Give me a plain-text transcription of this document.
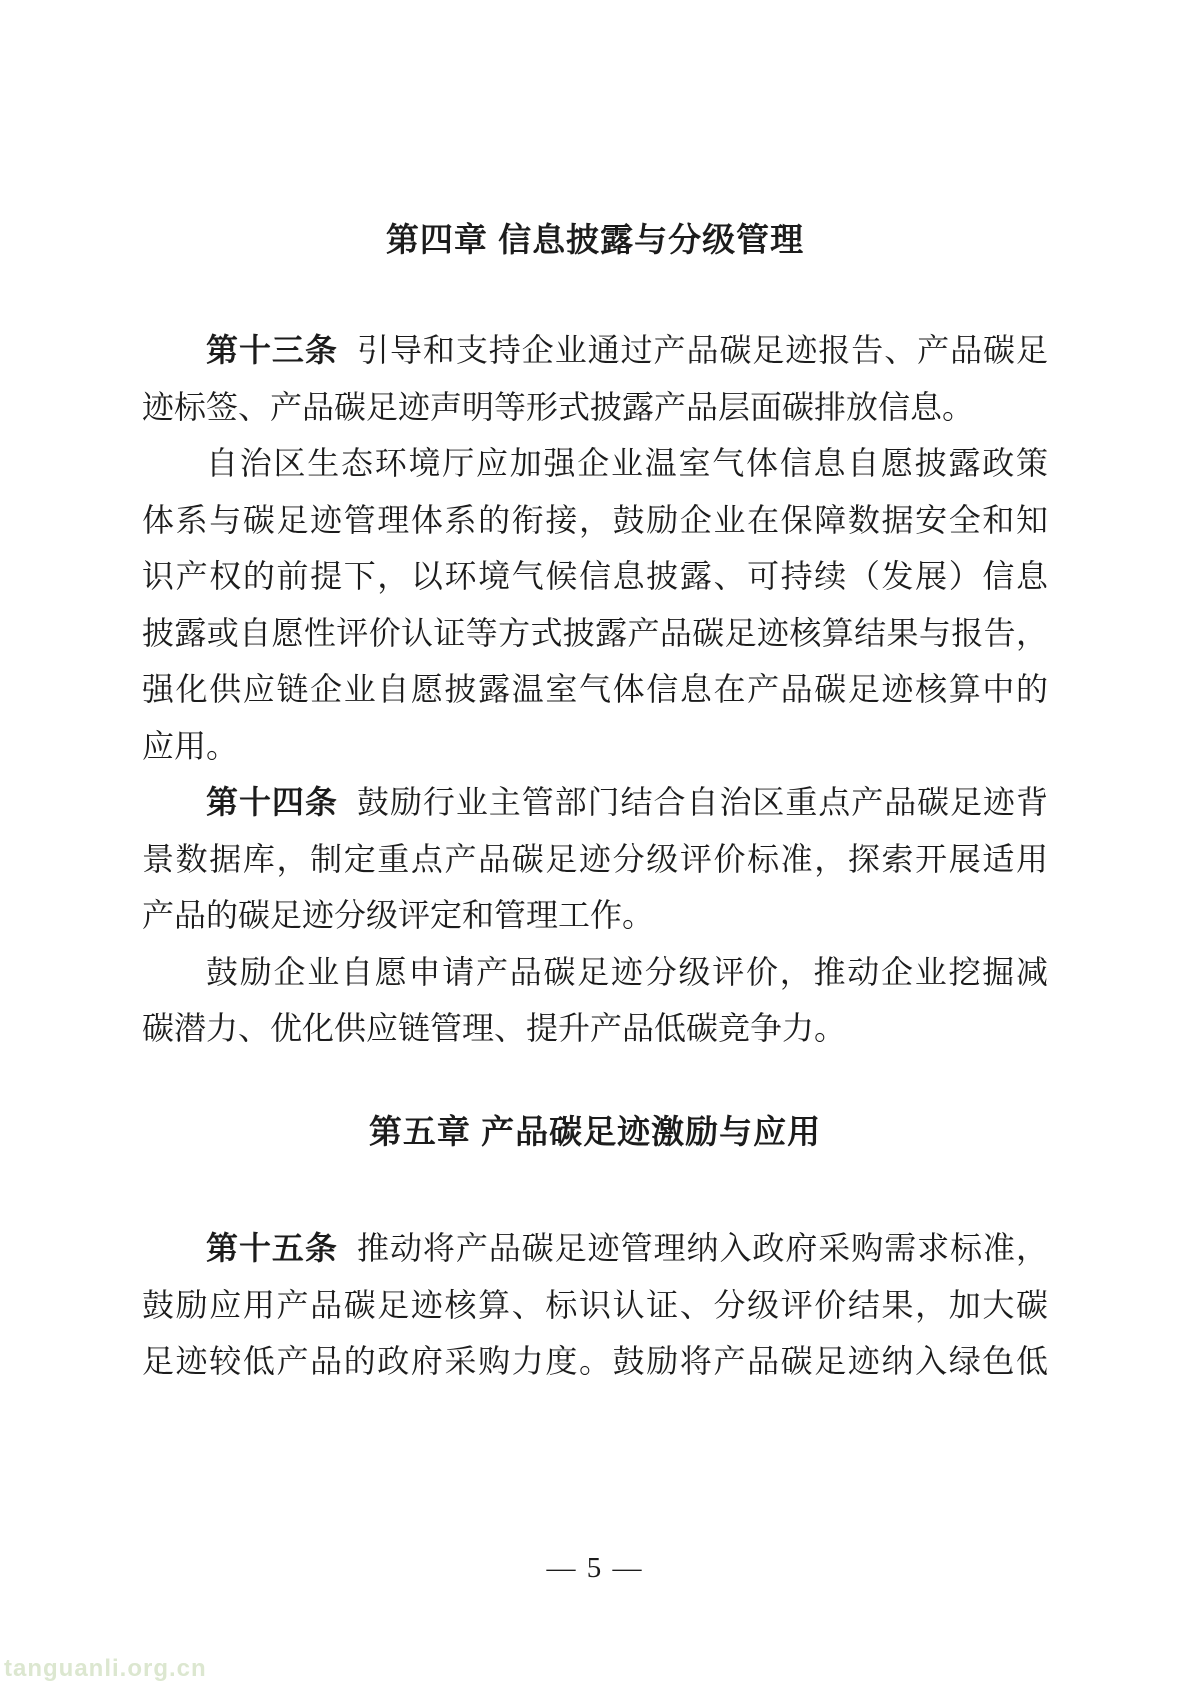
第四章 信息披露与分级管理
第十三条 引导和支持企业通过产品碳足迹报告、产品碳足
迹标签、产品碳足迹声明等形式披露产品层面碳排放信息。
自治区生态环境厅应加强企业温室气体信息自愿披露政策
体系与碳足迹管理体系的衔接，鼓励企业在保障数据安全和知
识产权的前提下，以环境气候信息披露、可持续（发展）信息
披露或自愿性评价认证等方式披露产品碳足迹核算结果与报告，
强化供应链企业自愿披露温室气体信息在产品碳足迹核算中的
应用。
第十四条 鼓励行业主管部门结合自治区重点产品碳足迹背
景数据库，制定重点产品碳足迹分级评价标准，探索开展适用
产品的碳足迹分级评定和管理工作。
鼓励企业自愿申请产品碳足迹分级评价，推动企业挖掘减
碳潜力、优化供应链管理、提升产品低碳竞争力。
第五章 产品碳足迹激励与应用
第十五条 推动将产品碳足迹管理纳入政府采购需求标准，
鼓励应用产品碳足迹核算、标识认证、分级评价结果，加大碳
足迹较低产品的政府采购力度。鼓励将产品碳足迹纳入绿色低
— 5 —
tanguanli.org.cn
